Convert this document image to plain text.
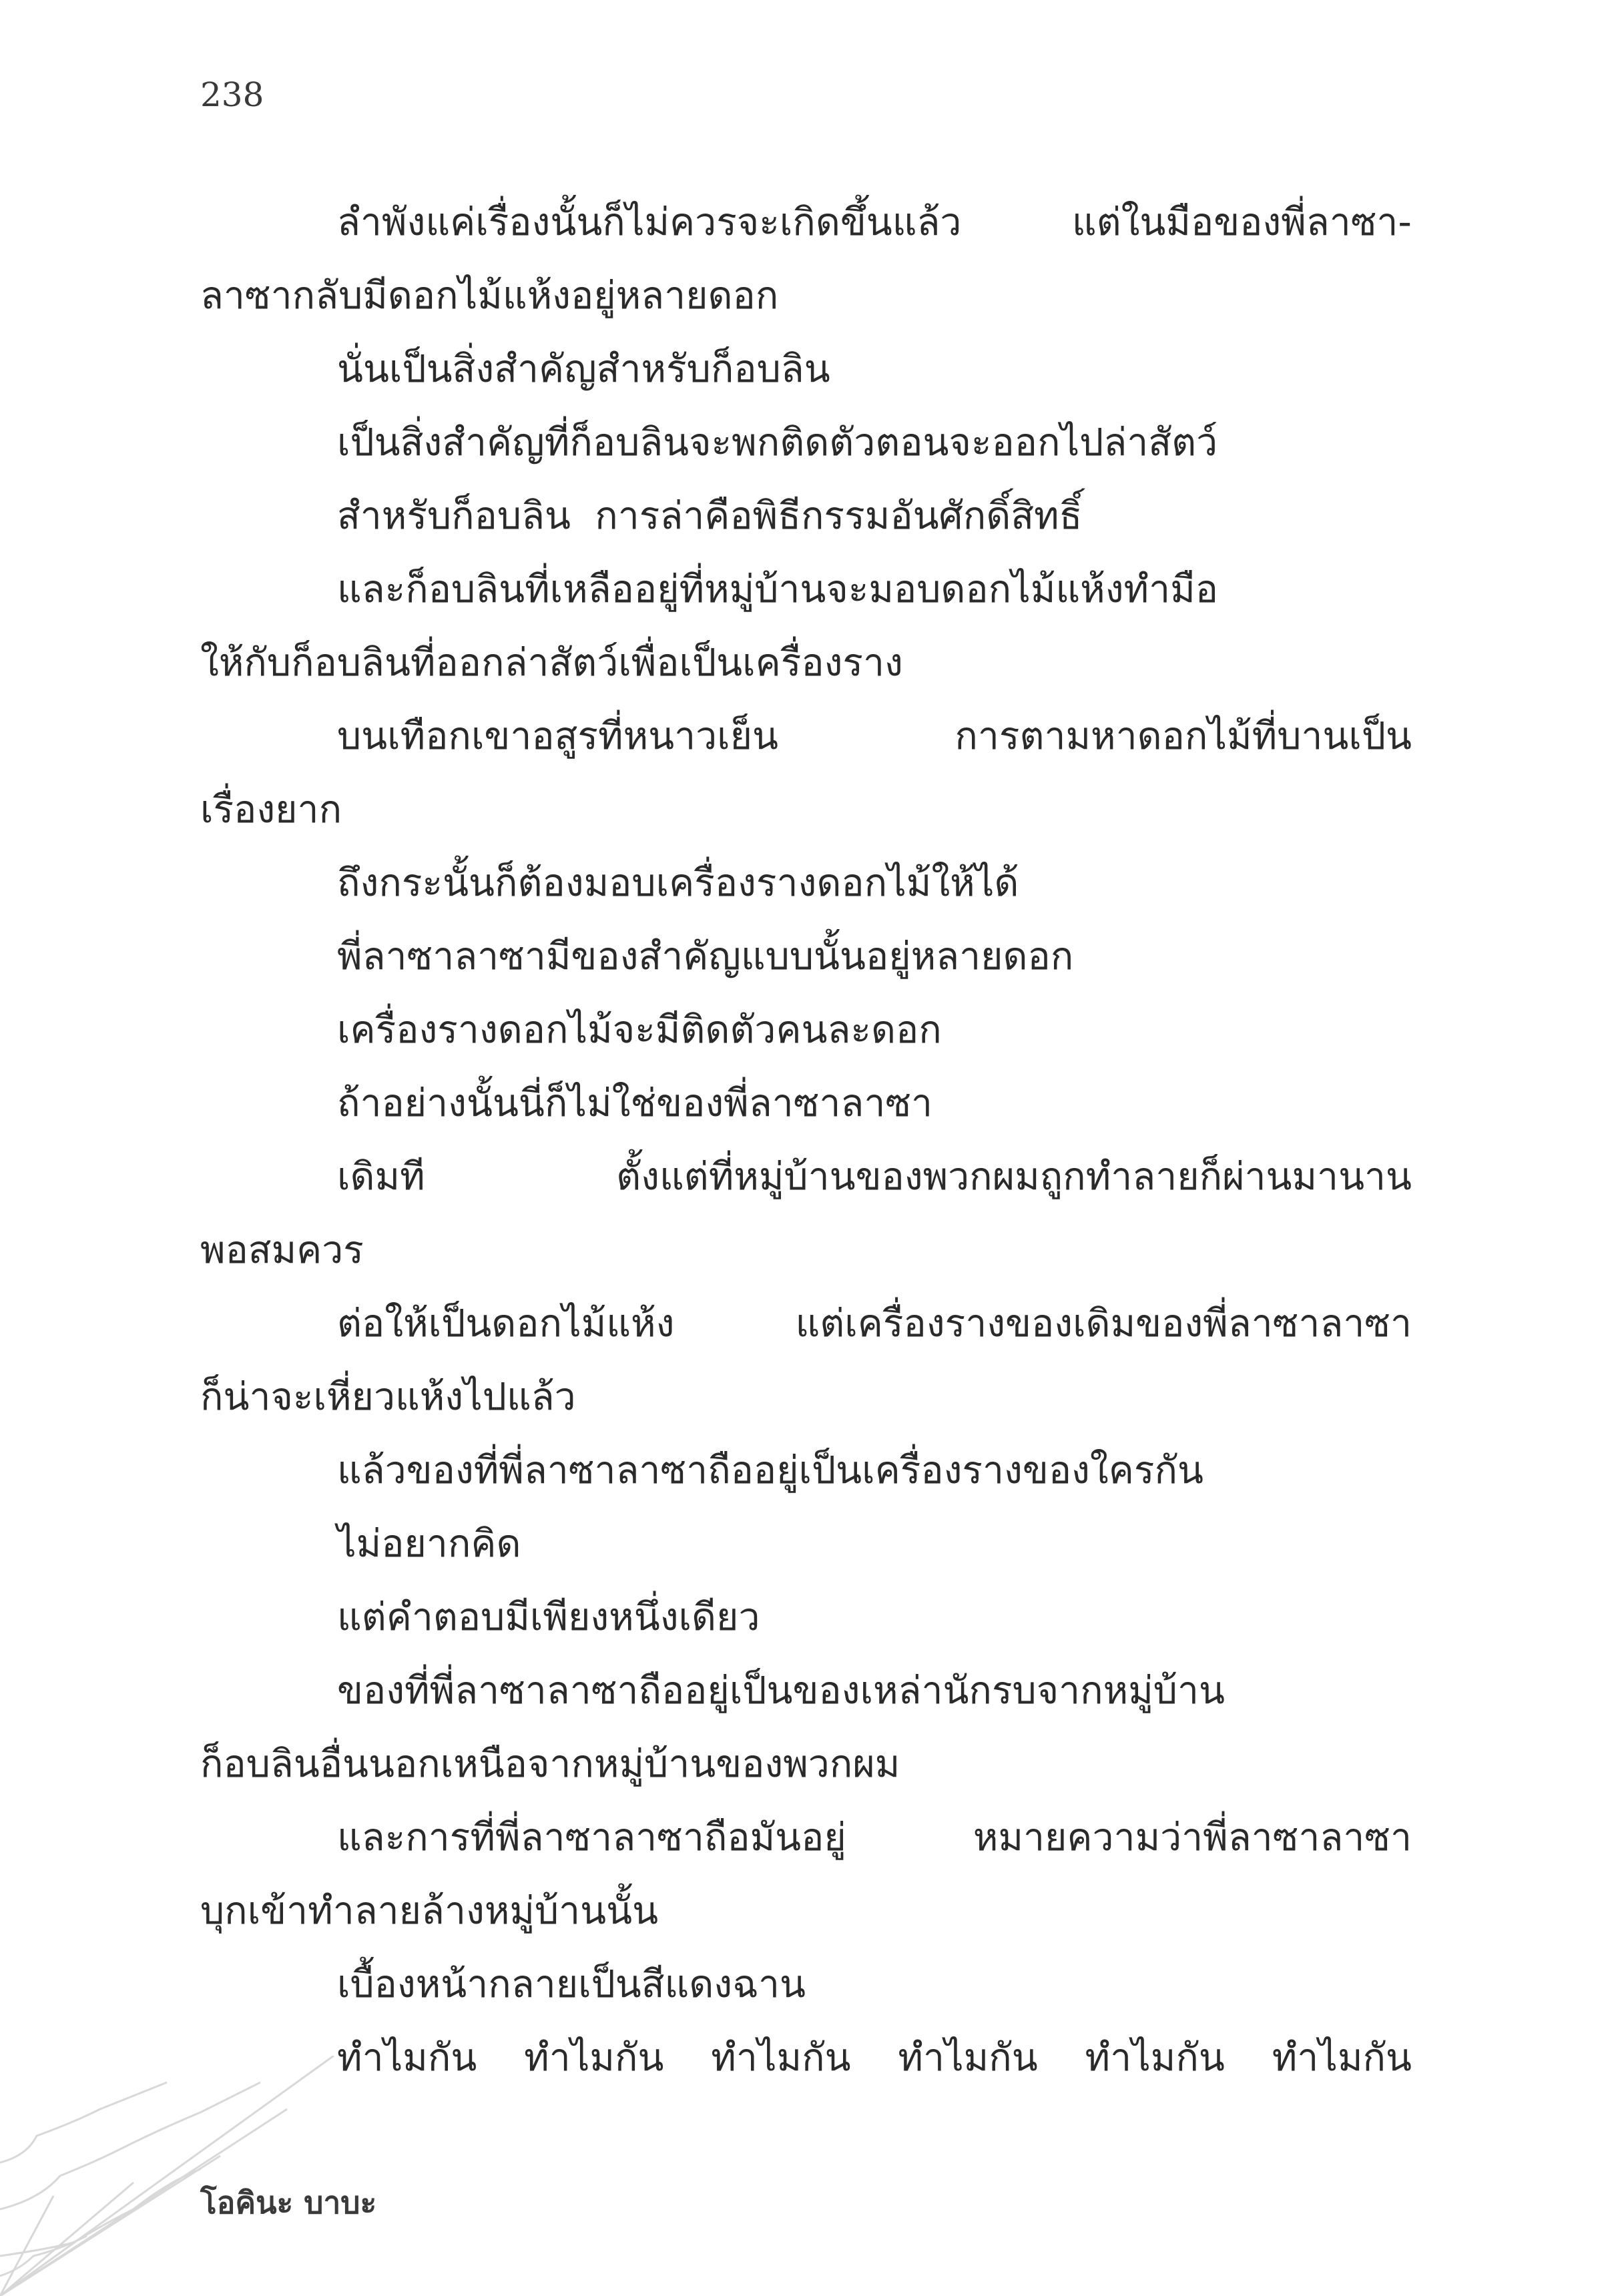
238
ลำพังแค่เรื่องนั้นก็ไม่ควรจะเกิดขึ้นแล้ว แต่ในมือของพี่ลาซา-
ลาซากลับมีดอกไม้แห้งอยู่หลายดอก
นั่นเป็นสิ่งสำคัญสำหรับก็อบลิน
เป็นสิ่งสำคัญที่ก็อบลินจะพกติดตัวตอนจะออกไปล่าสัตว์
สำหรับก็อบลิน  การล่าคือพิธีกรรมอันศักดิ์สิทธิ์
และก็อบลินที่เหลืออยู่ที่หมู่บ้านจะมอบดอกไม้แห้งทำมือ
ให้กับก็อบลินที่ออกล่าสัตว์เพื่อเป็นเครื่องราง
บนเทือกเขาอสูรที่หนาวเย็น การตามหาดอกไม้ที่บานเป็น
เรื่องยาก
ถึงกระนั้นก็ต้องมอบเครื่องรางดอกไม้ให้ได้
พี่ลาซาลาซามีของสำคัญแบบนั้นอยู่หลายดอก
เครื่องรางดอกไม้จะมีติดตัวคนละดอก
ถ้าอย่างนั้นนี่ก็ไม่ใช่ของพี่ลาซาลาซา
เดิมที ตั้งแต่ที่หมู่บ้านของพวกผมถูกทำลายก็ผ่านมานาน
พอสมควร
ต่อให้เป็นดอกไม้แห้ง แต่เครื่องรางของเดิมของพี่ลาซาลาซา
ก็น่าจะเหี่ยวแห้งไปแล้ว
แล้วของที่พี่ลาซาลาซาถืออยู่เป็นเครื่องรางของใครกัน
ไม่อยากคิด
แต่คำตอบมีเพียงหนึ่งเดียว
ของที่พี่ลาซาลาซาถืออยู่เป็นของเหล่านักรบจากหมู่บ้าน
ก็อบลินอื่นนอกเหนือจากหมู่บ้านของพวกผม
และการที่พี่ลาซาลาซาถือมันอยู่ หมายความว่าพี่ลาซาลาซา
บุกเข้าทำลายล้างหมู่บ้านนั้น
เบื้องหน้ากลายเป็นสีแดงฉาน
ทำไมกัน ทำไมกัน ทำไมกัน ทำไมกัน ทำไมกัน ทำไมกัน
โอคินะ บาบะ
